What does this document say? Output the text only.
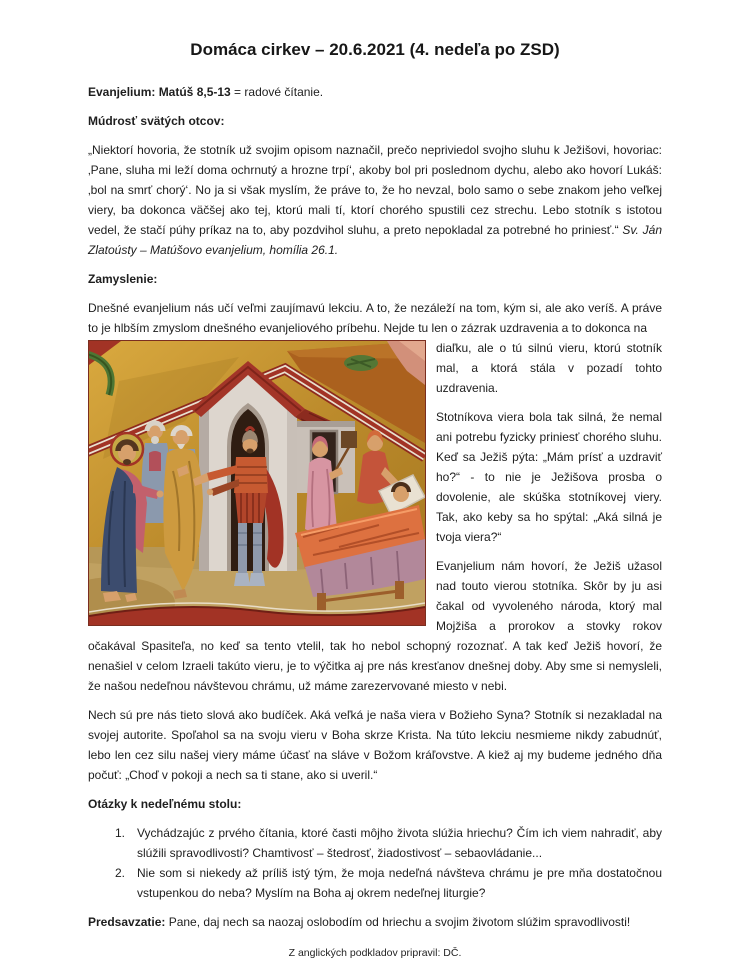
Domáca cirkev – 20.6.2021 (4. nedeľa po ZSD)

Evanjelium: Matúš 8,5-13 = radové čítanie.

Múdrosť svätých otcov:

„Niektorí hovoria, že stotník už svojim opisom naznačil, prečo nepriviedol svojho sluhu k Ježišovi, hovoriac: ‚Pane, sluha mi leží doma ochrnutý a hrozne trpí‘, akoby bol pri poslednom dychu, alebo ako hovorí Lukáš: ‚bol na smrť chorý‘. No ja si však myslím, že práve to, že ho nevzal, bolo samo o sebe znakom jeho veľkej viery, ba dokonca väčšej ako tej, ktorú mali tí, ktorí chorého spustili cez strechu. Lebo stotník s istotou vedel, že stačí púhy príkaz na to, aby pozdvihol sluhu, a preto nepokladal za potrebné ho priniesť.“ Sv. Ján Zlatoústy – Matúšovo evanjelium, homília 26.1.

Zamyslenie:

Dnešné evanjelium nás učí veľmi zaujímavú lekciu. A to, že nezáleží na tom, kým si, ale ako veríš. A práve to je hlbším zmyslom dnešného evanjeliového príbehu. Nejde tu len o zázrak uzdravenia a to dokonca na

diaľku, ale o tú silnú vieru, ktorú stotník mal, a ktorá stála v pozadí tohto uzdravenia.

Stotníkova viera bola tak silná, že nemal ani potrebu fyzicky priniesť chorého sluhu. Keď sa Ježiš pýta: „Mám prísť a uzdraviť ho?“ - to nie je Ježišova prosba o dovolenie, ale skúška stotníkovej viery. Tak, ako keby sa ho spýtal: „Aká silná je tvoja viera?“

Evanjelium nám hovorí, že Ježiš užasol nad touto vierou stotníka. Skôr by ju asi čakal od vyvoleného národa, ktorý mal Mojžiša a prorokov a stovky rokov očakával Spasiteľa, no keď sa tento vtelil, tak ho nebol schopný rozoznať. A tak keď Ježiš hovorí, že nenašiel v celom Izraeli takúto vieru, je to výčitka aj pre nás kresťanov dnešnej doby. Aby sme si nemysleli, že našou nedeľnou návštevou chrámu, už máme zarezervované miesto v nebi.

Nech sú pre nás tieto slová ako budíček. Aká veľká je naša viera v Božieho Syna? Stotník si nezakladal na svojej autorite. Spoľahol sa na svoju vieru v Boha skrze Krista. Na túto lekciu nesmieme nikdy zabudnúť, lebo len cez silu našej viery máme účasť na sláve v Božom kráľovstve. A kiež aj my budeme jedného dňa počuť: „Choď v pokoji a nech sa ti stane, ako si uveril.“

Otázky k nedeľnému stolu:
1. Vychádzajúc z prvého čítania, ktoré časti môjho života slúžia hriechu? Čím ich viem nahradiť, aby slúžili spravodlivosti? Chamtivosť – štedrosť, žiadostivosť – sebaovládanie...
2. Nie som si niekedy až príliš istý tým, že moja nedeľná návšteva chrámu je pre mňa dostatočnou vstupenkou do neba? Myslím na Boha aj okrem nedeľnej liturgie?

Predsavzatie: Pane, daj nech sa naozaj oslobodím od hriechu a svojim životom slúžim spravodlivosti!

Z anglických podkladov pripravil: DČ.
